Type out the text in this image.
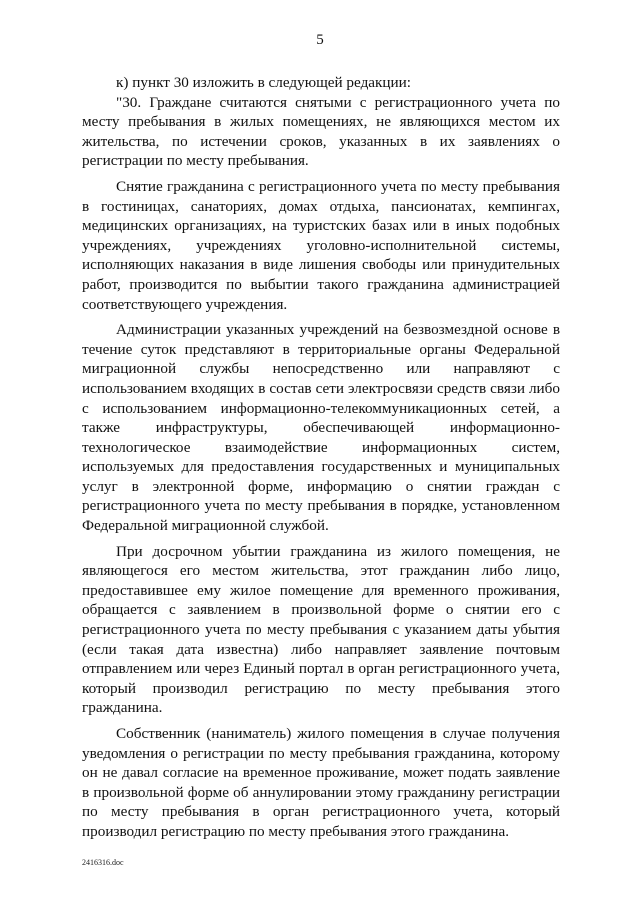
5

к) пункт 30 изложить в следующей редакции:

"30. Граждане считаются снятыми с регистрационного учета по месту пребывания в жилых помещениях, не являющихся местом их жительства, по истечении сроков, указанных в их заявлениях о регистрации по месту пребывания.

Снятие гражданина с регистрационного учета по месту пребывания в гостиницах, санаториях, домах отдыха, пансионатах, кемпингах, медицинских организациях, на туристских базах или в иных подобных учреждениях, учреждениях уголовно-исполнительной системы, исполняющих наказания в виде лишения свободы или принудительных работ, производится по выбытии такого гражданина администрацией соответствующего учреждения.

Администрации указанных учреждений на безвозмездной основе в течение суток представляют в территориальные органы Федеральной миграционной службы непосредственно или направляют с использованием входящих в состав сети электросвязи средств связи либо с использованием информационно-телекоммуникационных сетей, а также инфраструктуры, обеспечивающей информационно-технологическое взаимодействие информационных систем, используемых для предоставления государственных и муниципальных услуг в электронной форме, информацию о снятии граждан с регистрационного учета по месту пребывания в порядке, установленном Федеральной миграционной службой.

При досрочном убытии гражданина из жилого помещения, не являющегося его местом жительства, этот гражданин либо лицо, предоставившее ему жилое помещение для временного проживания, обращается с заявлением в произвольной форме о снятии его с регистрационного учета по месту пребывания с указанием даты убытия (если такая дата известна) либо направляет заявление почтовым отправлением или через Единый портал в орган регистрационного учета, который производил регистрацию по месту пребывания этого гражданина.

Собственник (наниматель) жилого помещения в случае получения уведомления о регистрации по месту пребывания гражданина, которому он не давал согласие на временное проживание, может подать заявление в произвольной форме об аннулировании этому гражданину регистрации по месту пребывания в орган регистрационного учета, который производил регистрацию по месту пребывания этого гражданина.

2416316.doc
